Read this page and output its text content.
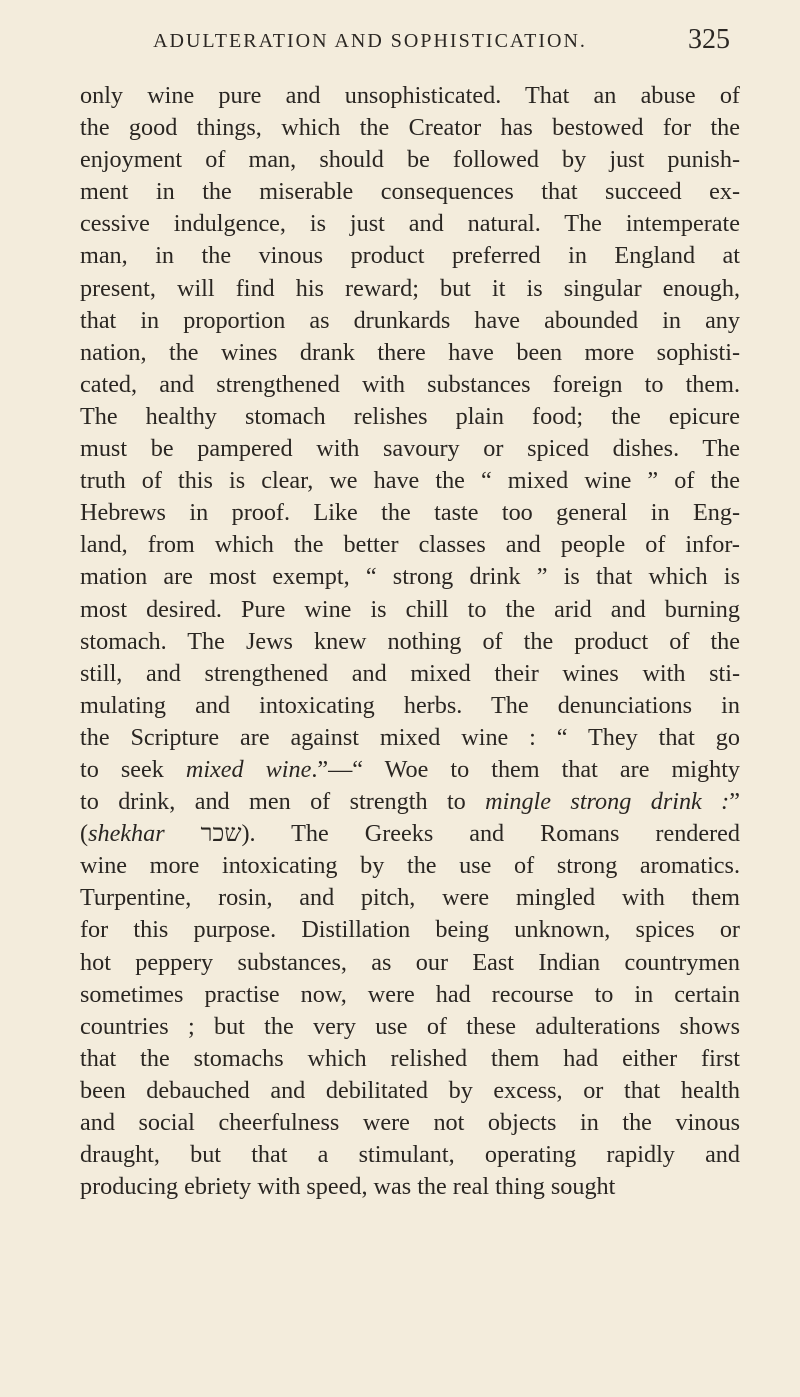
ADULTERATION AND SOPHISTICATION.	325
only wine pure and unsophisticated. That an abuse of
the good things, which the Creator has bestowed for the
enjoyment of man, should be followed by just punish-
ment in the miserable consequences that succeed ex-
cessive indulgence, is just and natural. The intemperate
man, in the vinous product preferred in England at
present, will find his reward; but it is singular enough,
that in proportion as drunkards have abounded in any
nation, the wines drank there have been more sophisti-
cated, and strengthened with substances foreign to them.
The healthy stomach relishes plain food; the epicure
must be pampered with savoury or spiced dishes. The
truth of this is clear, we have the “ mixed wine ” of the
Hebrews in proof. Like the taste too general in Eng-
land, from which the better classes and people of infor-
mation are most exempt, “ strong drink ” is that which is
most desired. Pure wine is chill to the arid and burning
stomach. The Jews knew nothing of the product of the
still, and strengthened and mixed their wines with sti-
mulating and intoxicating herbs. The denunciations in
the Scripture are against mixed wine : “ They that go
to seek mixed wine.”—“ Woe to them that are mighty
to drink, and men of strength to mingle strong drink :”
(shekhar שכר). The Greeks and Romans rendered
wine more intoxicating by the use of strong aromatics.
Turpentine, rosin, and pitch, were mingled with them
for this purpose. Distillation being unknown, spices or
hot peppery substances, as our East Indian countrymen
sometimes practise now, were had recourse to in certain
countries ; but the very use of these adulterations shows
that the stomachs which relished them had either first
been debauched and debilitated by excess, or that health
and social cheerfulness were not objects in the vinous
draught, but that a stimulant, operating rapidly and
producing ebriety with speed, was the real thing sought
